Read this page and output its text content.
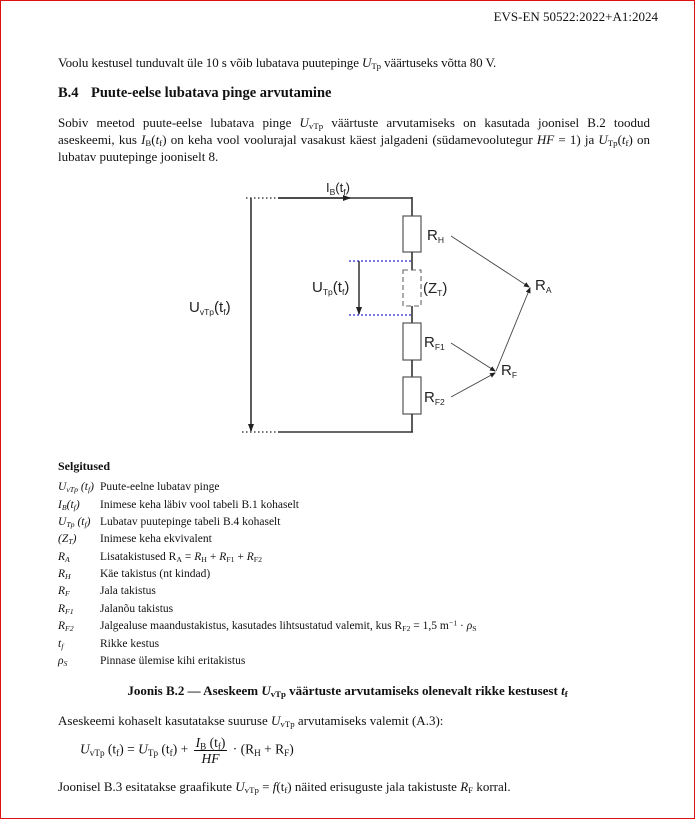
EVS-EN 50522:2022+A1:2024
Voolu kestusel tunduvalt üle 10 s võib lubatava puutepinge $U_{Tp}$ väärtuseks võtta 80 V.
B.4 Puute-eelse lubatava pinge arvutamine
Sobiv meetod puute-eelse lubatava pinge $U_{vTp}$ väärtuste arvutamiseks on kasutada joonisel B.2 toodud aseskeemi, kus $I_B(t_f)$ on keha vool voolurajal vasakust käest jalgadeni (südamevoolutegur HF = 1) ja $U_{Tp}(t_f)$ on lubatav puutepinge jooniselt 8.
$I_B(t_f)$
$U_{vTp}(t_f)$
$U_{Tp}(t_f)$
$R_H$
$(Z_T)$
$R_{F1}$
$R_{F2}$
$R_A$
$R_F$
Selgitused
$U_{vTp}$ $(t_f)$ Puute-eelne lubatav pinge
$I_B(t_f)$ Inimese keha läbiv vool tabeli B.1 kohaselt
$U_{Tp}$ $(t_f)$ Lubatav puutepinge tabeli B.4 kohaselt
$(Z_T)$ Inimese keha ekvivalent
$R_A$	Lisatakistused $R_A = R_H + R_{F1} + R_{F2}$
$R_H$	Käe takistus (nt kindad)
$R_F$	Jala takistus
$R_{F1}$ Jalanõu takistus
$R_{F2}$ Jalgealuse maandustakistus, kasutades lihtsustatud valemit, kus $R_{F2} = 1,5$ $m^{-1} \cdot \rho_S$
$t_f$	Rikke kestus
$\rho_S$	Pinnase ülemise kihi eritakistus
Joonis B.2 — Aseskeem $U_{vTp}$ väärtuste arvutamiseks olenevalt rikke kestusest $t_f$
Aseskeemi kohaselt kasutatakse suuruse $U_{vTp}$ arvutamiseks valemit (A.3):
$U_{vTp}$ $(t_f) = U_{Tp}$ $(t_f) + \frac{I_B (t_f)}{HF} \cdot (R_H + R_F)$
Joonisel B.3 esitatakse graafikute $U_{vTp} = f(t_f)$ näited erisuguste jala takistuste $R_F$ korral.
